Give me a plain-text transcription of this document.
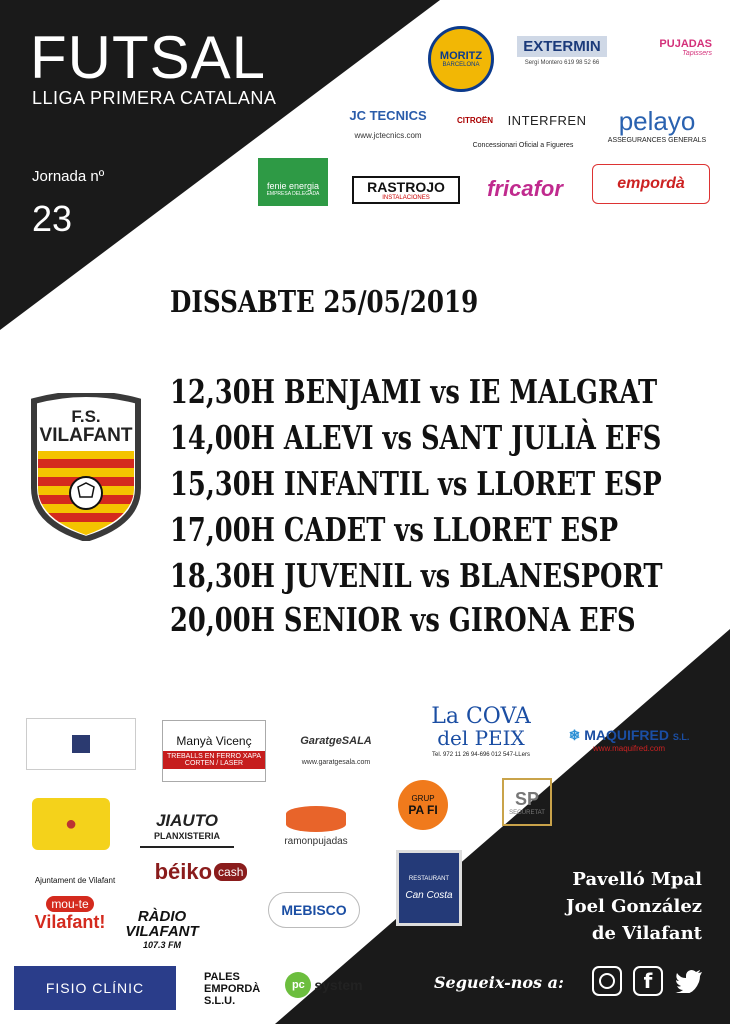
FUTSAL
LLIGA PRIMERA CATALANA
Jornada nº
23
MORITZ
BARCELONA
EXTERMIN
Sergi Montero 619 98 52 66
PUJADAS
Tapissers
JC TECNICS
www.jctecnics.com
CITROËN INTERFREN
Concessionari Oficial a Figueres
pelayo
ASSEGURANCES GENERALS
fenie energia
EMPRESA DELEGADA	RASTROJO
INSTALACIONES	fricafor	empordà
DISSABTE 25/05/2019
12,30H BENJAMI vs IE MALGRAT
14,00H ALEVI vs SANT JULIÀ EFS
15,30H INFANTIL vs LLORET ESP
17,00H CADET vs LLORET ESP
18,30H JUVENIL vs BLANESPORT
20,00H SENIOR vs GIRONA EFS
F.S.
VILAFANT
Manyà Vicenç
TREBALLS EN FERRO XAPA CORTEN / LASER
GaratgeSALA
www.garatgesala.com
La COVA
del PEIX
Tel. 972 11 26 94-696 012 547-LLers
❄ MAQUIFRED S.L.
www.maquifred.com
GRUP
PA FI
SP
SEGURETAT
●	JIAUTO
PLANXISTERIA	ramonpujadas
béiko cash	RESTAURANT
Can Costa
Ajuntament de Vilafant
mou-te
Vilafant! RÀDIO
VILAFANT
107.3 FM
MEBISCO
FISIO CLÍNIC
PALES
EMPORDÀ
S.L.U.
pc system
Pavelló Mpal
Joel González
de Vilafant
Segueix-nos a:	f
